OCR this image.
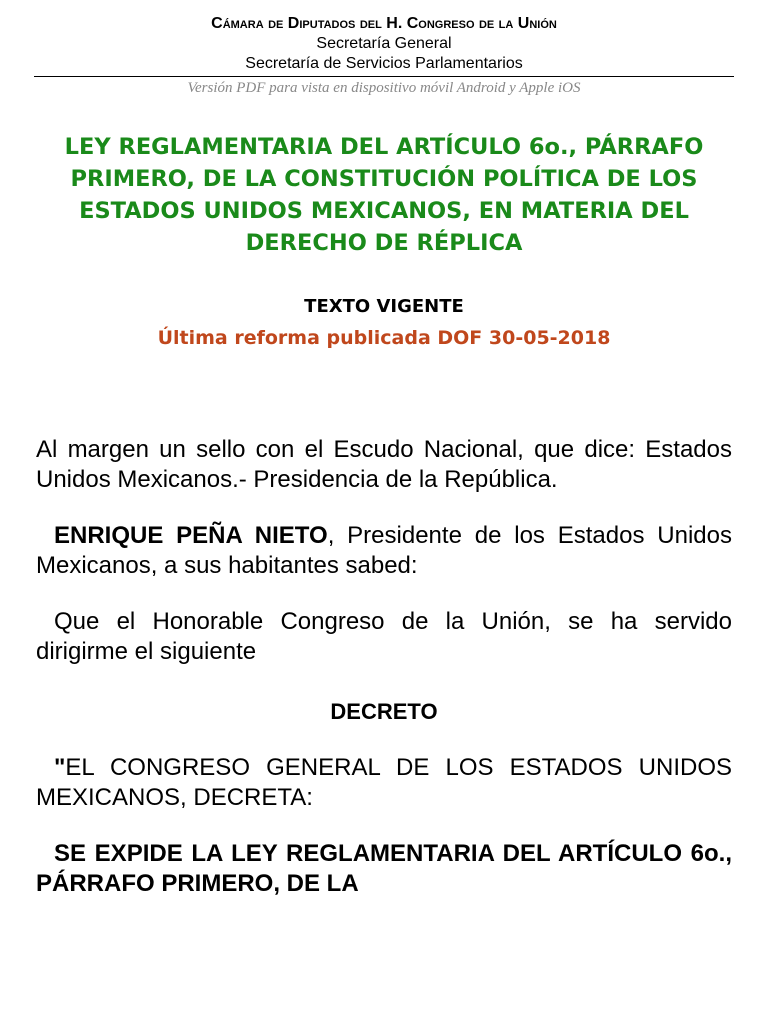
Cámara de Diputados del H. Congreso de la Unión
Secretaría General
Secretaría de Servicios Parlamentarios
Versión PDF para vista en dispositivo móvil Android y Apple iOS
LEY REGLAMENTARIA DEL ARTÍCULO 6o., PÁRRAFO PRIMERO, DE LA CONSTITUCIÓN POLÍTICA DE LOS ESTADOS UNIDOS MEXICANOS, EN MATERIA DEL DERECHO DE RÉPLICA
TEXTO VIGENTE
Última reforma publicada DOF 30-05-2018
Al margen un sello con el Escudo Nacional, que dice: Estados Unidos Mexicanos.- Presidencia de la República.
ENRIQUE PEÑA NIETO, Presidente de los Estados Unidos Mexicanos, a sus habitantes sabed:
Que el Honorable Congreso de la Unión, se ha servido dirigirme el siguiente
DECRETO
"EL CONGRESO GENERAL DE LOS ESTADOS UNIDOS MEXICANOS, DECRETA:
SE EXPIDE LA LEY REGLAMENTARIA DEL ARTÍCULO 6o., PÁRRAFO PRIMERO, DE LA
